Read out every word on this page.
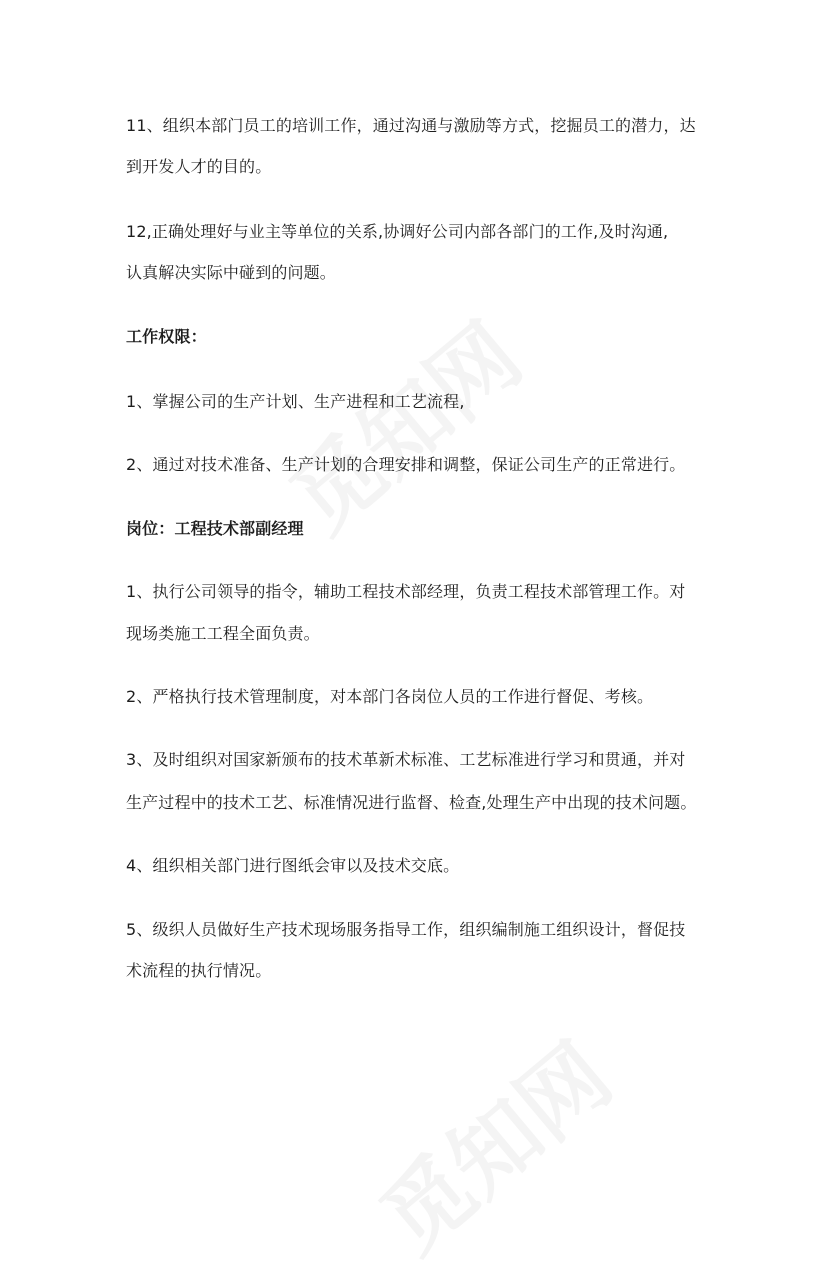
11、组织本部门员工的培训工作，通过沟通与激励等方式，挖掘员工的潜力，达
到开发人才的目的。
12,正确处理好与业主等单位的关系,协调好公司内部各部门的工作,及时沟通,
认真解决实际中碰到的问题。
工作权限：
1、掌握公司的生产计划、生产进程和工艺流程,
2、通过对技术准备、生产计划的合理安排和调整，保证公司生产的正常进行。
岗位：工程技术部副经理
1、执行公司领导的指令，辅助工程技术部经理，负责工程技术部管理工作。对
现场类施工工程全面负责。
2、严格执行技术管理制度，对本部门各岗位人员的工作进行督促、考核。
3、及时组织对国家新颁布的技术革新术标准、工艺标准进行学习和贯通，并对
生产过程中的技术工艺、标准情况进行监督、检查,处理生产中出现的技术问题。
4、组织相关部门进行图纸会审以及技术交底。
5、级织人员做好生产技术现场服务指导工作，组织编制施工组织设计，督促技
术流程的执行情况。
